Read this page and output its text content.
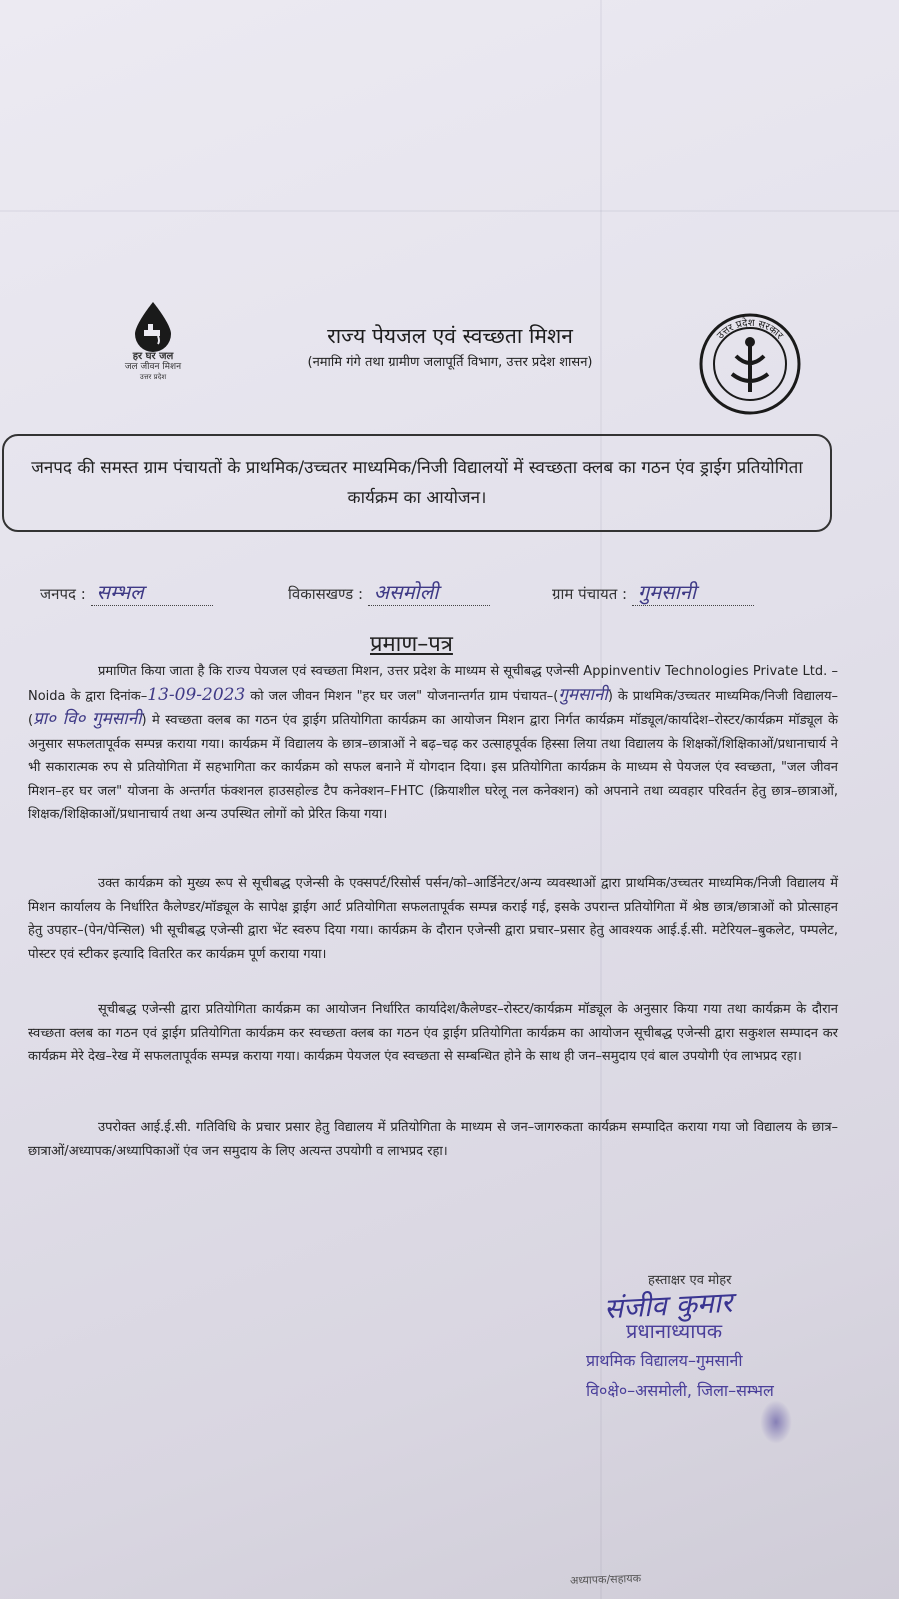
हर घर जल
जल जीवन मिशन
उत्तर प्रदेश
राज्य पेयजल एवं स्वच्छता मिशन
(नमामि गंगे तथा ग्रामीण जलापूर्ति विभाग, उत्तर प्रदेश शासन)
उत्तर प्रदेश सरकार
जनपद की समस्त ग्राम पंचायतों के प्राथमिक/उच्चतर माध्यमिक/निजी विद्यालयों में स्वच्छता क्लब का गठन एंव ड्राईग प्रतियोगिता कार्यक्रम का आयोजन।
जनपद : सम्भल	विकासखण्ड : असमोली	ग्राम पंचायत : गुमसानी
प्रमाण–पत्र
प्रमाणित किया जाता है कि राज्य पेयजल एवं स्वच्छता मिशन, उत्तर प्रदेश के माध्यम से सूचीबद्ध एजेन्सी Appinventiv Technologies Private Ltd. – Noida के द्वारा दिनांक–13-09-2023 को जल जीवन मिशन "हर घर जल" योजनान्तर्गत ग्राम पंचायत–(गुमसानी) के प्राथमिक/उच्चतर माध्यमिक/निजी विद्यालय–(प्रा० वि० गुमसानी) मे स्वच्छता क्लब का गठन एंव ड्राईग प्रतियोगिता कार्यक्रम का आयोजन मिशन द्वारा निर्गत कार्यक्रम मॉड्यूल/कार्यादेश–रोस्टर/कार्यक्रम मॉड्यूल के अनुसार सफलतापूर्वक सम्पन्न कराया गया। कार्यक्रम में विद्यालय के छात्र–छात्राओं ने बढ़–चढ़ कर उत्साहपूर्वक हिस्सा लिया तथा विद्यालय के शिक्षकों/शिक्षिकाओं/प्रधानाचार्य ने भी सकारात्मक रुप से प्रतियोगिता में सहभागिता कर कार्यक्रम को सफल बनाने में योगदान दिया। इस प्रतियोगिता कार्यक्रम के माध्यम से पेयजल एंव स्वच्छता, "जल जीवन मिशन–हर घर जल" योजना के अन्तर्गत फंक्शनल हाउसहोल्ड टैप कनेक्शन–FHTC (क्रियाशील घरेलू नल कनेक्शन) को अपनाने तथा व्यवहार परिवर्तन हेतु छात्र–छात्राओं, शिक्षक/शिक्षिकाओं/प्रधानाचार्य तथा अन्य उपस्थित लोगों को प्रेरित किया गया।
उक्त कार्यक्रम को मुख्य रूप से सूचीबद्ध एजेन्सी के एक्सपर्ट/रिसोर्स पर्सन/को–आर्डिनेटर/अन्य व्यवस्थाओं द्वारा प्राथमिक/उच्चतर माध्यमिक/निजी विद्यालय में मिशन कार्यालय के निर्धारित कैलेण्डर/मॉड्यूल के सापेक्ष ड्राईग आर्ट प्रतियोगिता सफलतापूर्वक सम्पन्न कराई गई, इसके उपरान्त प्रतियोगिता में श्रेष्ठ छात्र/छात्राओं को प्रोत्साहन हेतु उपहार–(पेन/पेन्सिल) भी सूचीबद्ध एजेन्सी द्वारा भेंट स्वरुप दिया गया। कार्यक्रम के दौरान एजेन्सी द्वारा प्रचार–प्रसार हेतु आवश्यक आई.ई.सी. मटेरियल–बुकलेट, पम्पलेट, पोस्टर एवं स्टीकर इत्यादि वितरित कर कार्यक्रम पूर्ण कराया गया।
सूचीबद्ध एजेन्सी द्वारा प्रतियोगिता कार्यक्रम का आयोजन निर्धारित कार्यादेश/कैलेण्डर–रोस्टर/कार्यक्रम मॉड्यूल के अनुसार किया गया तथा कार्यक्रम के दौरान स्वच्छता क्लब का गठन एवं ड्राईग प्रतियोगिता कार्यक्रम कर स्वच्छता क्लब का गठन एंव ड्राईग प्रतियोगिता कार्यक्रम का आयोजन सूचीबद्ध एजेन्सी द्वारा सकुशल सम्पादन कर कार्यक्रम मेरे देख–रेख में सफलतापूर्वक सम्पन्न कराया गया। कार्यक्रम पेयजल एंव स्वच्छता से सम्बन्धित होने के साथ ही जन–समुदाय एवं बाल उपयोगी एंव लाभप्रद रहा।
उपरोक्त आई.ई.सी. गतिविधि के प्रचार प्रसार हेतु विद्यालय में प्रतियोगिता के माध्यम से जन–जागरुकता कार्यक्रम सम्पादित कराया गया जो विद्यालय के छात्र–छात्राओं/अध्यापक/अध्यापिकाओं एंव जन समुदाय के लिए अत्यन्त उपयोगी व लाभप्रद रहा।
हस्ताक्षर एव मोहर
संजीव कुमार
प्रधानाध्यापक
प्राथमिक विद्यालय–गुमसानी
वि०क्षे०–असमोली, जिला–सम्भल
अध्यापक/सहायक
